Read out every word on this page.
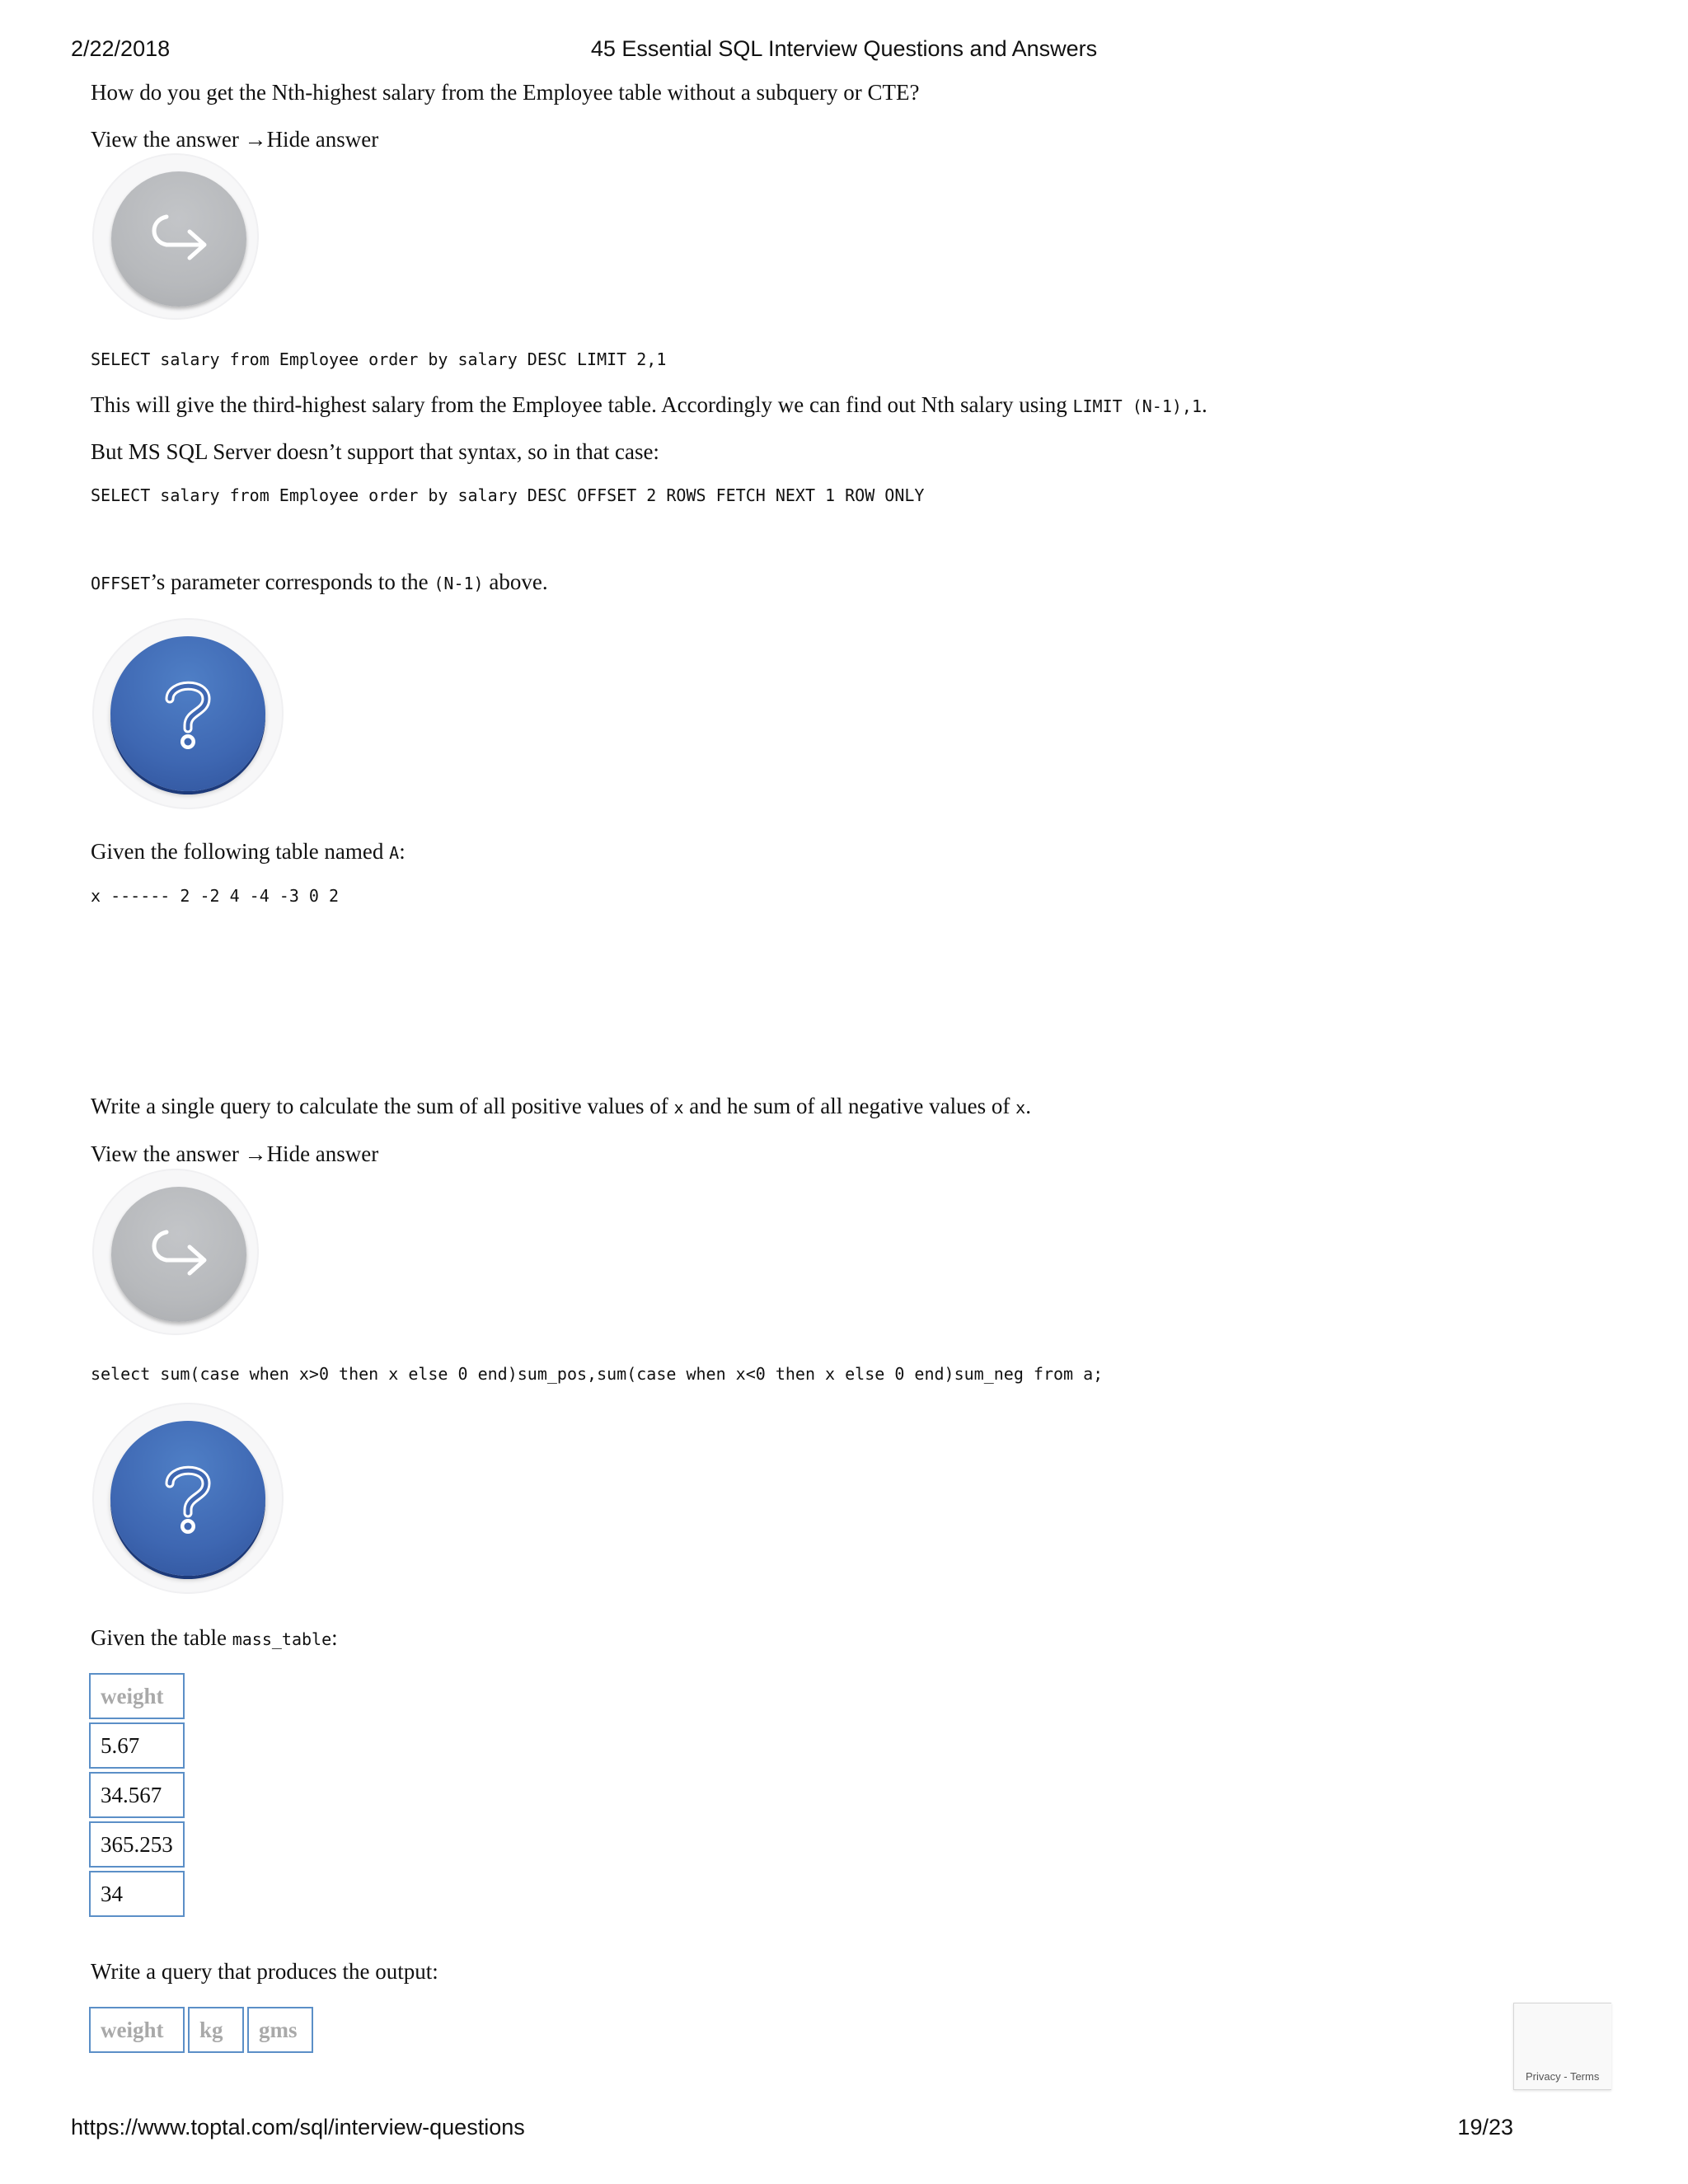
2/22/2018	45 Essential SQL Interview Questions and Answers
How do you get the Nth-highest salary from the Employee table without a subquery or CTE?
View the answer →Hide answer
SELECT salary from Employee order by salary DESC LIMIT 2,1
This will give the third-highest salary from the Employee table. Accordingly we can find out Nth salary using LIMIT (N-1),1.
But MS SQL Server doesn’t support that syntax, so in that case:
SELECT salary from Employee order by salary DESC OFFSET 2 ROWS FETCH NEXT 1 ROW ONLY
OFFSET’s parameter corresponds to the (N-1) above.
Given the following table named A:
x ------ 2 -2 4 -4 -3 0 2
Write a single query to calculate the sum of all positive values of x and he sum of all negative values of x.
View the answer →Hide answer
select sum(case when x>0 then x else 0 end)sum_pos,sum(case when x<0 then x else 0 end)sum_neg from a;
Given the table mass_table:
weight
5.67
34.567
365.253
34
Write a query that produces the output:
weight	kg	gms
Privacy - Terms
https://www.toptal.com/sql/interview-questions	19/23
